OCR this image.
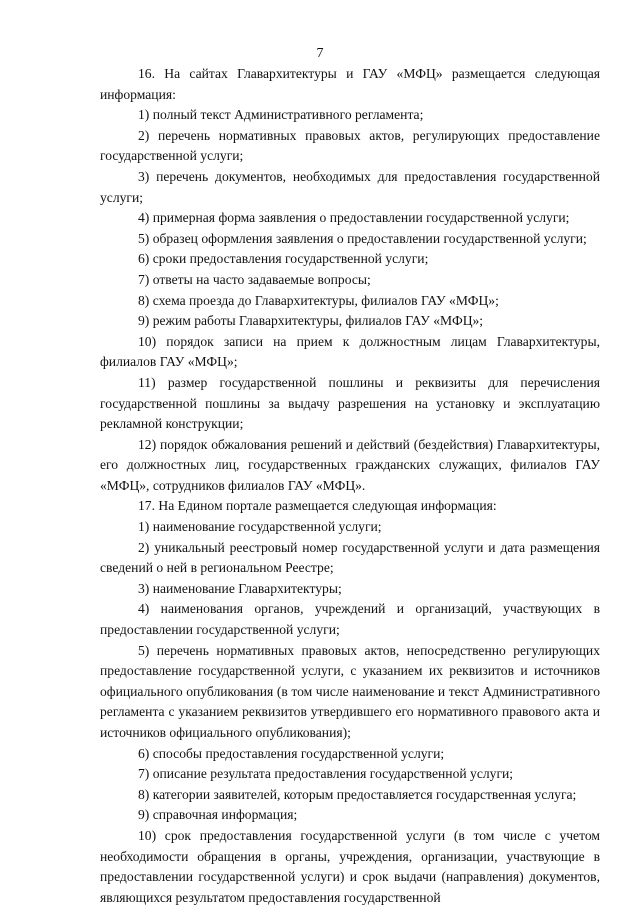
7

16. На сайтах Главархитектуры и ГАУ «МФЦ» размещается следующая информация:

1) полный текст Административного регламента;

2) перечень нормативных правовых актов, регулирующих предоставление государственной услуги;

3) перечень документов, необходимых для предоставления государственной услуги;

4) примерная форма заявления о предоставлении государственной услуги;

5) образец оформления заявления о предоставлении государственной услуги;

6) сроки предоставления государственной услуги;

7) ответы на часто задаваемые вопросы;

8) схема проезда до Главархитектуры, филиалов ГАУ «МФЦ»;

9) режим работы Главархитектуры, филиалов ГАУ «МФЦ»;

10) порядок записи на прием к должностным лицам Главархитектуры, филиалов ГАУ «МФЦ»;

11) размер государственной пошлины и реквизиты для перечисления государственной пошлины за выдачу разрешения на установку и эксплуатацию рекламной конструкции;

12) порядок обжалования решений и действий (бездействия) Главархитектуры, его должностных лиц, государственных гражданских служащих, филиалов ГАУ «МФЦ», сотрудников филиалов ГАУ «МФЦ».

17. На Едином портале размещается следующая информация:

1) наименование государственной услуги;

2) уникальный реестровый номер государственной услуги и дата размещения сведений о ней в региональном Реестре;

3) наименование Главархитектуры;

4) наименования органов, учреждений и организаций, участвующих в предоставлении государственной услуги;

5) перечень нормативных правовых актов, непосредственно регулирующих предоставление государственной услуги, с указанием их реквизитов и источников официального опубликования (в том числе наименование и текст Административного регламента с указанием реквизитов утвердившего его нормативного правового акта и источников официального опубликования);

6) способы предоставления государственной услуги;

7) описание результата предоставления государственной услуги;

8) категории заявителей, которым предоставляется государственная услуга;

9) справочная информация;

10) срок предоставления государственной услуги (в том числе с учетом необходимости обращения в органы, учреждения, организации, участвующие в предоставлении государственной услуги) и срок выдачи (направления) документов, являющихся результатом предоставления государственной
